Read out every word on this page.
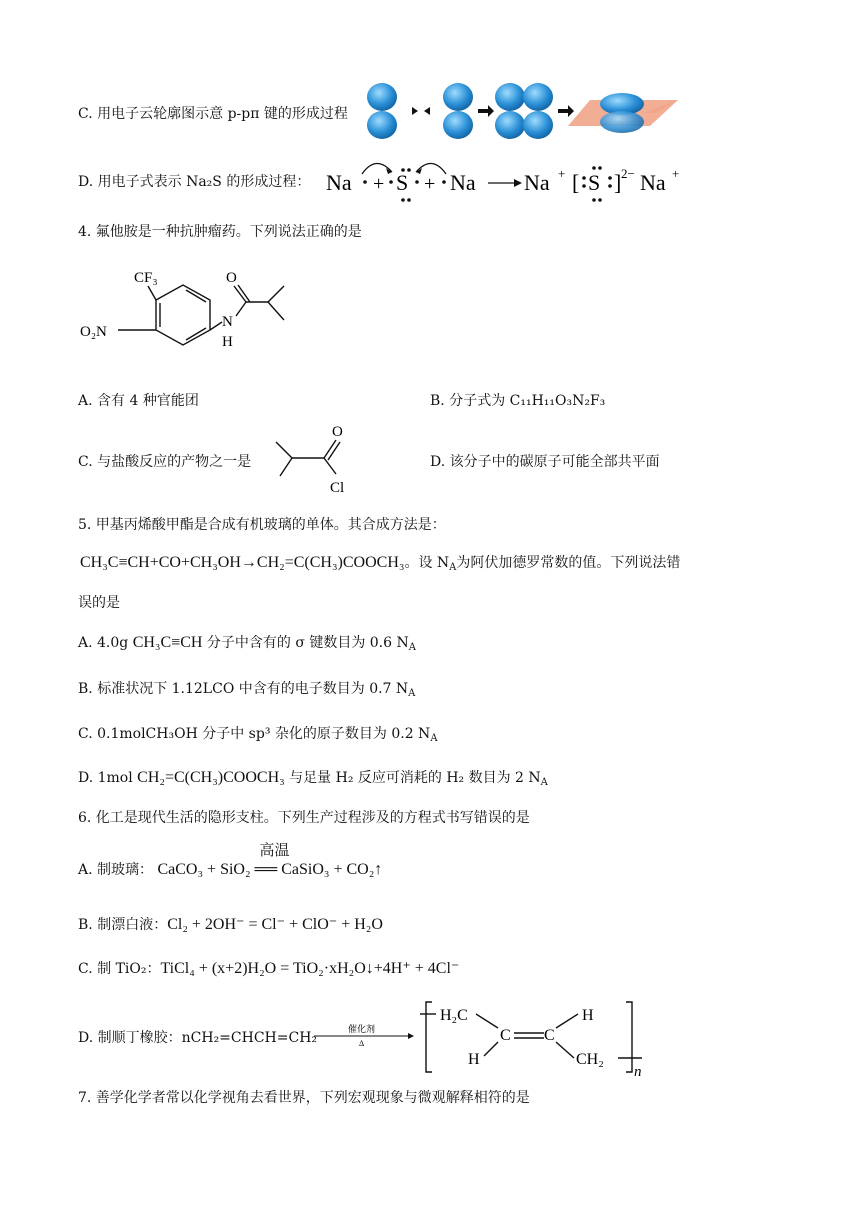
C. 用电子云轮廓图示意 p-pπ 键的形成过程
D. 用电子式表示 Na₂S 的形成过程： Na + S + Na Na + [ S ] 2− Na +
4. 氟他胺是一种抗肿瘤药。下列说法正确的是
CF₃
O₂N
O
N
H
A. 含有 4 种官能团	B. 分子式为 C₁₁H₁₁O₃N₂F₃
C. 与盐酸反应的产物之一是
O
Cl
D. 该分子中的碳原子可能全部共平面
5. 甲基丙烯酸甲酯是合成有机玻璃的单体。其合成方法是：
CH₃C≡CH+CO+CH₃OH→CH₂=C(CH₃)COOCH₃。设 $N_A$为阿伏加德罗常数的值。下列说法错
误的是
A. 4.0g CH₃C≡CH 分子中含有的 σ 键数目为 0.6 $N_A$
B. 标准状况下 1.12LCO 中含有的电子数目为 0.7 $N_A$
C. 0.1molCH₃OH 分子中 sp³ 杂化的原子数目为 0.2 $N_A$
D. 1mol CH₂=C(CH₃)COOCH₃ 与足量 H₂ 反应可消耗的 H₂ 数目为 2 $N_A$
6. 化工是现代生活的隐形支柱。下列生产过程涉及的方程式书写错误的是
A. 制玻璃：
高温
CaCO₃ + SiO₂ ══ CaSiO₃ + CO₂↑
B. 制漂白液：Cl₂ + 2OH⁻ = Cl⁻ + ClO⁻ + H₂O
C. 制 TiO₂：TiCl₄ + (x+2)H₂O = TiO₂·xH₂O↓+4H⁺ + 4Cl⁻
D. 制顺丁橡胶：nCH₂=CHCH=CH₂
催化剂
Δ
H₂C
C C
H
H	CH₂
n
7. 善学化学者常以化学视角去看世界，下列宏观现象与微观解释相符的是
